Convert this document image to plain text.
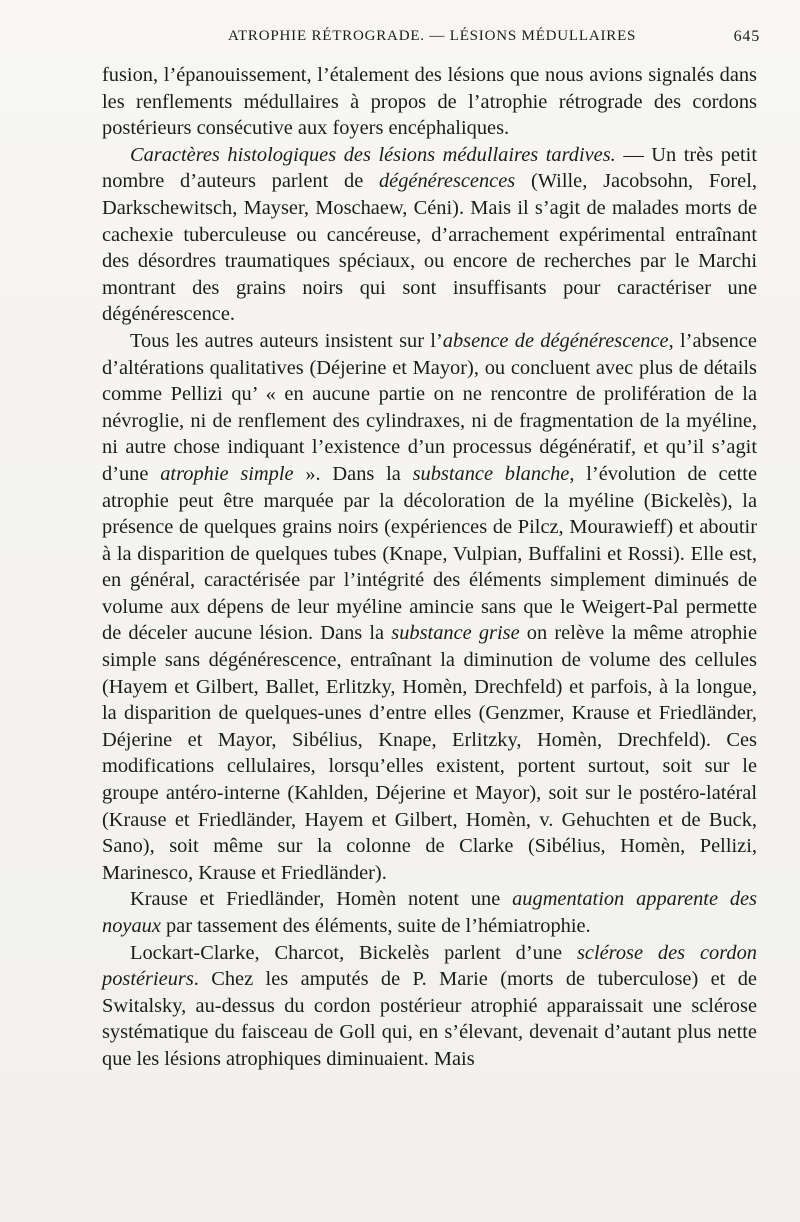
ATROPHIE RÉTROGRADE. — LÉSIONS MÉDULLAIRES	645

fusion, l’épanouissement, l’étalement des lésions que nous avions signalés dans les renflements médullaires à propos de l’atrophie rétrograde des cordons postérieurs consécutive aux foyers encéphaliques.

Caractères histologiques des lésions médullaires tardives. — Un très petit nombre d’auteurs parlent de dégénérescences (Wille, Jacobsohn, Forel, Darkschewitsch, Mayser, Moschaew, Céni). Mais il s’agit de malades morts de cachexie tuberculeuse ou cancéreuse, d’arrachement expérimental entraînant des désordres traumatiques spéciaux, ou encore de recherches par le Marchi montrant des grains noirs qui sont insuffisants pour caractériser une dégénérescence.

Tous les autres auteurs insistent sur l’absence de dégénérescence, l’absence d’altérations qualitatives (Déjerine et Mayor), ou concluent avec plus de détails comme Pellizi qu’ « en aucune partie on ne rencontre de prolifération de la névroglie, ni de renflement des cylindraxes, ni de fragmentation de la myéline, ni autre chose indiquant l’existence d’un processus dégénératif, et qu’il s’agit d’une atrophie simple ». Dans la substance blanche, l’évolution de cette atrophie peut être marquée par la décoloration de la myéline (Bickelès), la présence de quelques grains noirs (expériences de Pilcz, Mourawieff) et aboutir à la disparition de quelques tubes (Knape, Vulpian, Buffalini et Rossi). Elle est, en général, caractérisée par l’intégrité des éléments simplement diminués de volume aux dépens de leur myéline amincie sans que le Weigert-Pal permette de déceler aucune lésion. Dans la substance grise on relève la même atrophie simple sans dégénérescence, entraînant la diminution de volume des cellules (Hayem et Gilbert, Ballet, Erlitzky, Homèn, Drechfeld) et parfois, à la longue, la disparition de quelques-unes d’entre elles (Genzmer, Krause et Friedländer, Déjerine et Mayor, Sibélius, Knape, Erlitzky, Homèn, Drechfeld). Ces modifications cellulaires, lorsqu’elles existent, portent surtout, soit sur le groupe antéro-interne (Kahlden, Déjerine et Mayor), soit sur le postéro-latéral (Krause et Friedländer, Hayem et Gilbert, Homèn, v. Gehuchten et de Buck, Sano), soit même sur la colonne de Clarke (Sibélius, Homèn, Pellizi, Marinesco, Krause et Friedländer).

Krause et Friedländer, Homèn notent une augmentation apparente des noyaux par tassement des éléments, suite de l’hémiatrophie.

Lockart-Clarke, Charcot, Bickelès parlent d’une sclérose des cordon postérieurs. Chez les amputés de P. Marie (morts de tuberculose) et de Switalsky, au-dessus du cordon postérieur atrophié apparaissait une sclérose systématique du faisceau de Goll qui, en s’élevant, devenait d’autant plus nette que les lésions atrophiques diminuaient. Mais
